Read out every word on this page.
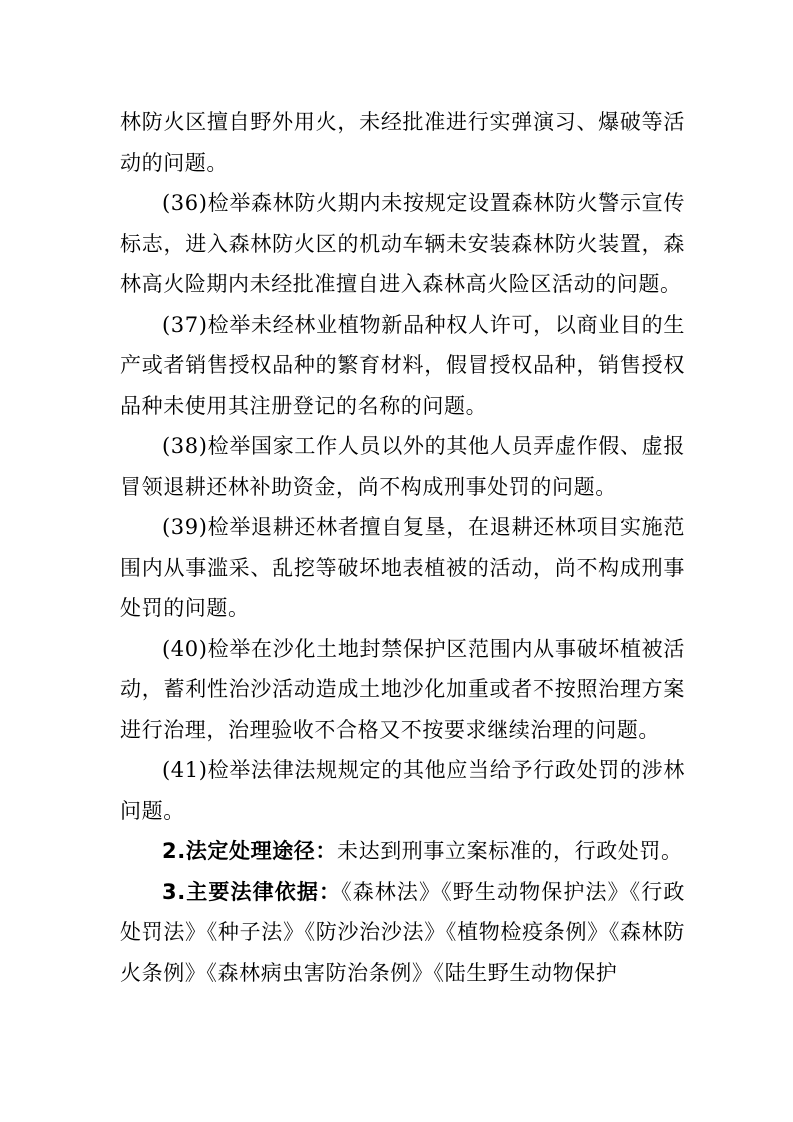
林防火区擅自野外用火，未经批准进行实弹演习、爆破等活动的问题。

(36)检举森林防火期内未按规定设置森林防火警示宣传标志，进入森林防火区的机动车辆未安装森林防火装置，森林高火险期内未经批准擅自进入森林高火险区活动的问题。

(37)检举未经林业植物新品种权人许可，以商业目的生产或者销售授权品种的繁育材料，假冒授权品种，销售授权品种未使用其注册登记的名称的问题。

(38)检举国家工作人员以外的其他人员弄虚作假、虚报冒领退耕还林补助资金，尚不构成刑事处罚的问题。

(39)检举退耕还林者擅自复垦，在退耕还林项目实施范围内从事滥采、乱挖等破坏地表植被的活动，尚不构成刑事处罚的问题。

(40)检举在沙化土地封禁保护区范围内从事破坏植被活动，蓄利性治沙活动造成土地沙化加重或者不按照治理方案进行治理，治理验收不合格又不按要求继续治理的问题。

(41)检举法律法规规定的其他应当给予行政处罚的涉林问题。

2.法定处理途径：未达到刑事立案标准的，行政处罚。

3.主要法律依据：《森林法》《野生动物保护法》《行政处罚法》《种子法》《防沙治沙法》《植物检疫条例》《森林防火条例》《森林病虫害防治条例》《陆生野生动物保护
